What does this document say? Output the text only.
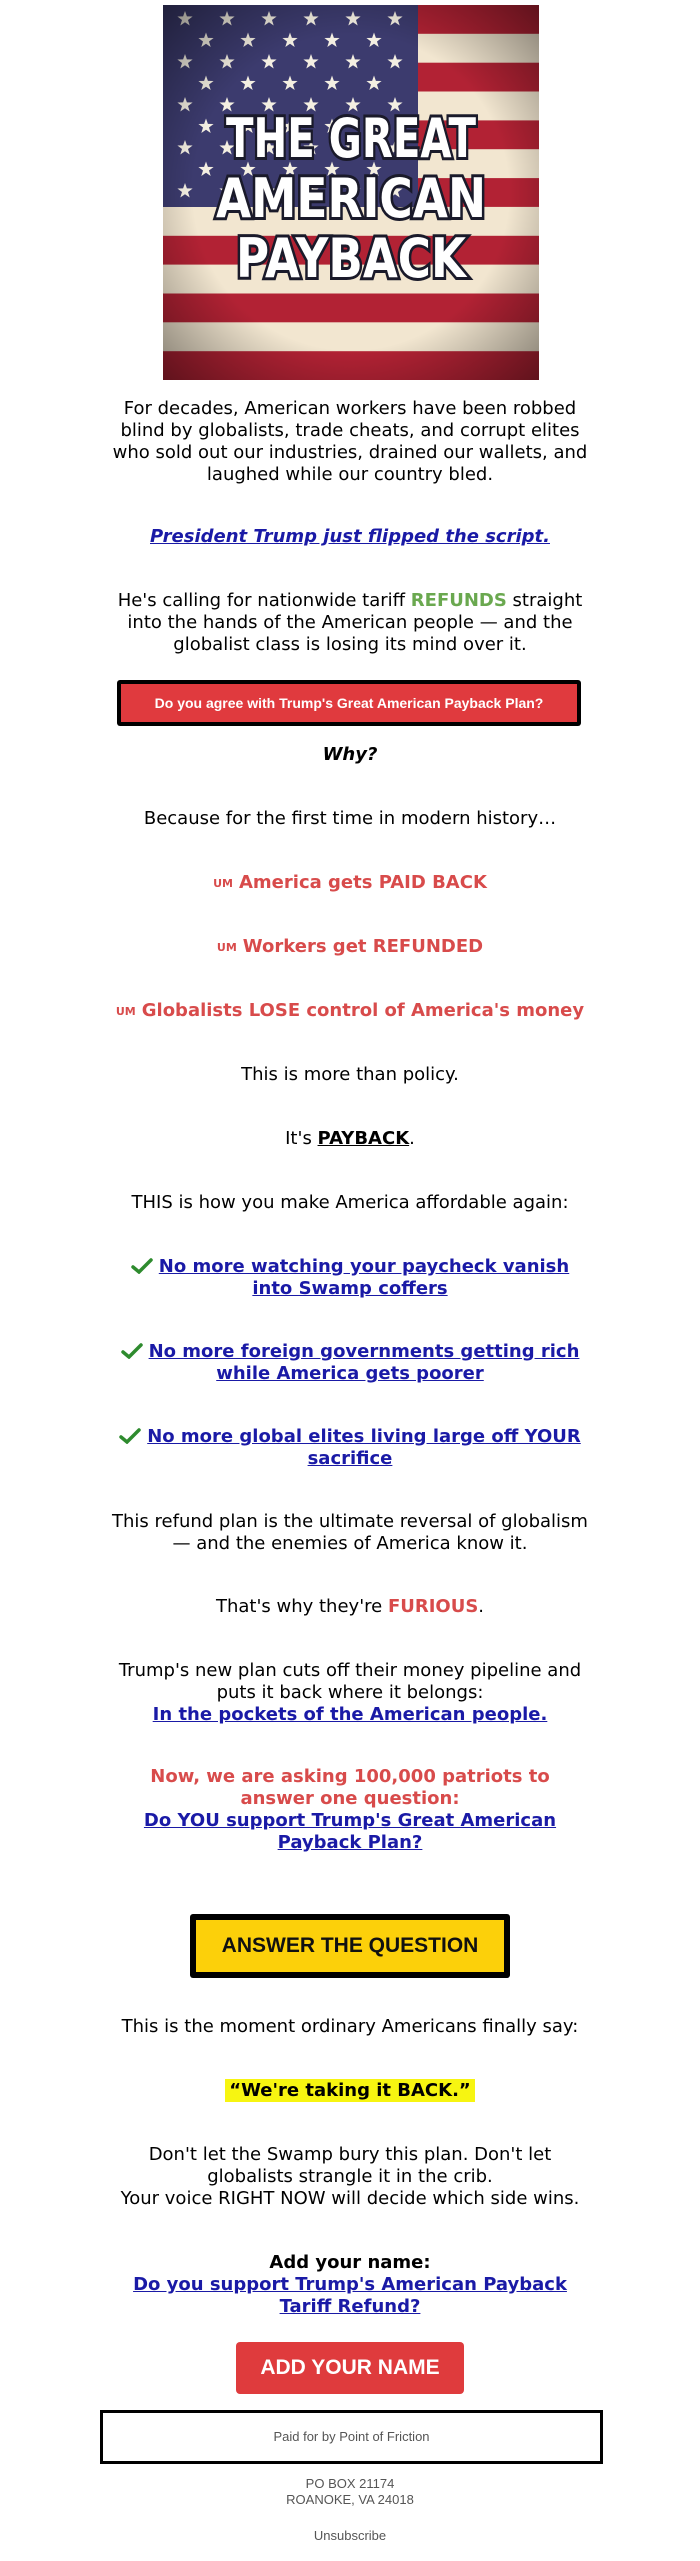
THE GREAT
AMERICAN
PAYBACK
For decades, American workers have been robbed
blind by globalists, trade cheats, and corrupt elites
who sold out our industries, drained our wallets, and
laughed while our country bled.
President Trump just flipped the script.
He's calling for nationwide tariff REFUNDS straight
into the hands of the American people — and the
globalist class is losing its mind over it.
Do you agree with Trump's Great American Payback Plan?
Why?
Because for the first time in modern history…
UM America gets PAID BACK
UM Workers get REFUNDED
UM Globalists LOSE control of America's money
This is more than policy.
It's PAYBACK.
THIS is how you make America affordable again:
No more watching your paycheck vanish
into Swamp coffers
No more foreign governments getting rich
while America gets poorer
No more global elites living large off YOUR
sacrifice
This refund plan is the ultimate reversal of globalism
— and the enemies of America know it.
That's why they're FURIOUS.
Trump's new plan cuts off their money pipeline and
puts it back where it belongs:
In the pockets of the American people.
Now, we are asking 100,000 patriots to
answer one question:
Do YOU support Trump's Great American
Payback Plan?
ANSWER THE QUESTION
This is the moment ordinary Americans finally say:
“We're taking it BACK.”
Don't let the Swamp bury this plan. Don't let
globalists strangle it in the crib.
Your voice RIGHT NOW will decide which side wins.
Add your name:
Do you support Trump's American Payback
Tariff Refund?
ADD YOUR NAME
Paid for by Point of Friction
PO BOX 21174
ROANOKE, VA 24018
Unsubscribe
